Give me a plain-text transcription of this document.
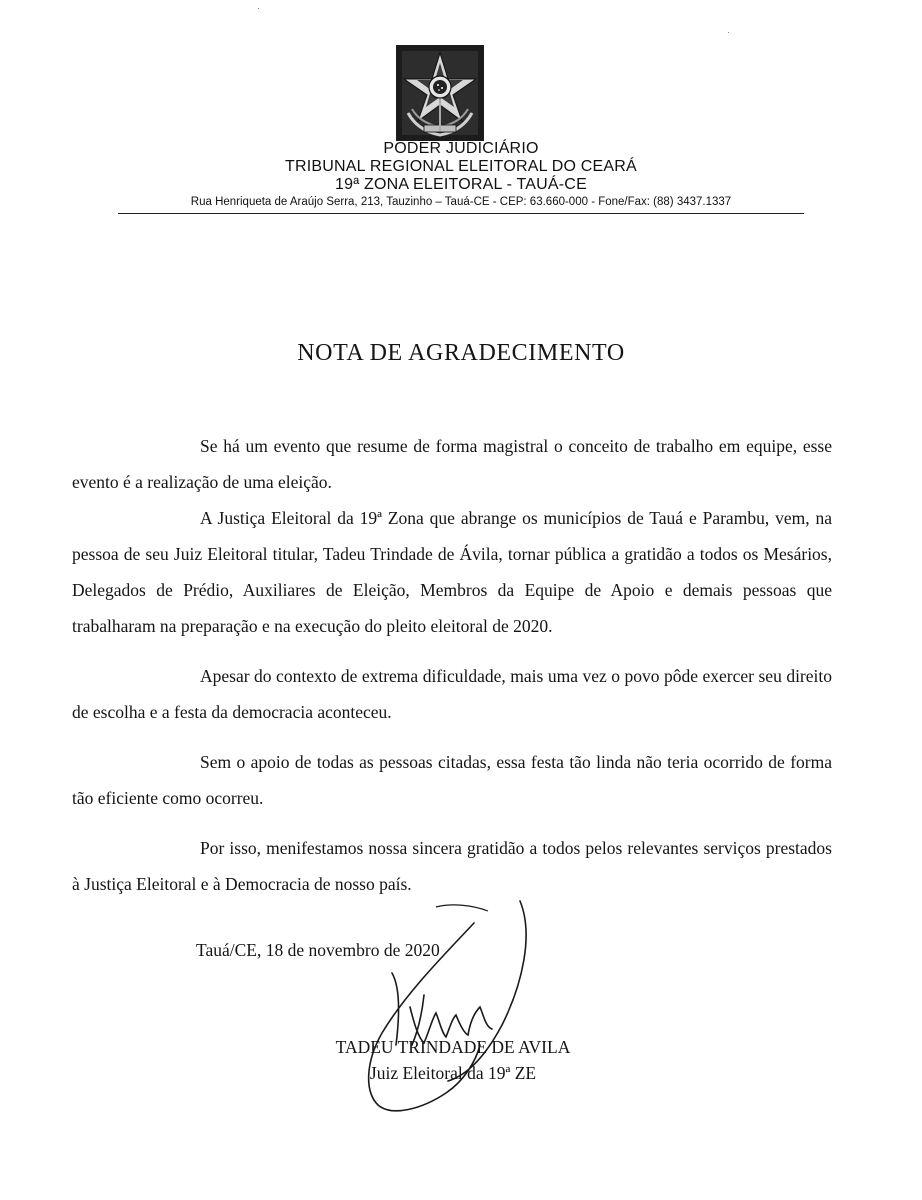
PODER JUDICIÁRIO
TRIBUNAL REGIONAL ELEITORAL DO CEARÁ
19ª ZONA ELEITORAL - TAUÁ-CE
Rua Henriqueta de Araújo Serra, 213, Tauzinho – Tauá-CE - CEP: 63.660-000 - Fone/Fax: (88) 3437.1337
NOTA DE AGRADECIMENTO

Se há um evento que resume de forma magistral o conceito de trabalho em equipe, esse evento é a realização de uma eleição.

A Justiça Eleitoral da 19ª Zona que abrange os municípios de Tauá e Parambu, vem, na pessoa de seu Juiz Eleitoral titular, Tadeu Trindade de Ávila, tornar pública a gratidão a todos os Mesários, Delegados de Prédio, Auxiliares de Eleição, Membros da Equipe de Apoio e demais pessoas que trabalharam na preparação e na execução do pleito eleitoral de 2020.

Apesar do contexto de extrema dificuldade, mais uma vez o povo pôde exercer seu direito de escolha e a festa da democracia aconteceu.

Sem o apoio de todas as pessoas citadas, essa festa tão linda não teria ocorrido de forma tão eficiente como ocorreu.

Por isso, menifestamos nossa sincera gratidão a todos pelos relevantes serviços prestados à Justiça Eleitoral e à Democracia de nosso país.

Tauá/CE, 18 de novembro de 2020
TADEU TRINDADE DE AVILA
Juiz Eleitoral da 19ª ZE
